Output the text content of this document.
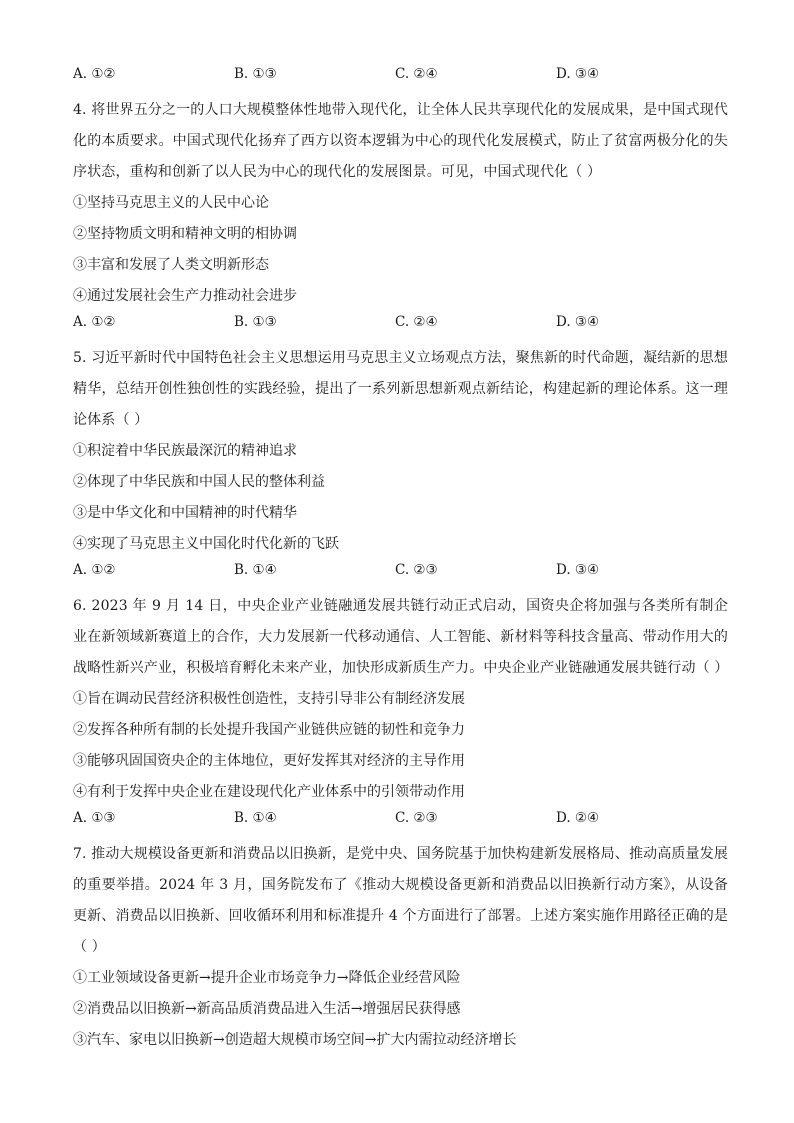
A. ①②	B. ①③	C. ②④	D. ③④

4. 将世界五分之一的人口大规模整体性地带入现代化，让全体人民共享现代化的发展成果，是中国式现代化的本质要求。中国式现代化扬弃了西方以资本逻辑为中心的现代化发展模式，防止了贫富两极分化的失序状态，重构和创新了以人民为中心的现代化的发展图景。可见，中国式现代化（ ）

①坚持马克思主义的人民中心论

②坚持物质文明和精神文明的相协调

③丰富和发展了人类文明新形态

④通过发展社会生产力推动社会进步

A. ①②	B. ①③	C. ②④	D. ③④

5. 习近平新时代中国特色社会主义思想运用马克思主义立场观点方法，聚焦新的时代命题，凝结新的思想精华，总结开创性独创性的实践经验，提出了一系列新思想新观点新结论，构建起新的理论体系。这一理论体系（ ）

①积淀着中华民族最深沉的精神追求

②体现了中华民族和中国人民的整体利益

③是中华文化和中国精神的时代精华

④实现了马克思主义中国化时代化新的飞跃

A. ①②	B. ①④	C. ②③	D. ③④

6. 2023 年 9 月 14 日，中央企业产业链融通发展共链行动正式启动，国资央企将加强与各类所有制企业在新领域新赛道上的合作，大力发展新一代移动通信、人工智能、新材料等科技含量高、带动作用大的战略性新兴产业，积极培育孵化未来产业，加快形成新质生产力。中央企业产业链融通发展共链行动（ ）

①旨在调动民营经济积极性创造性，支持引导非公有制经济发展

②发挥各种所有制的长处提升我国产业链供应链的韧性和竞争力

③能够巩固国资央企的主体地位，更好发挥其对经济的主导作用

④有利于发挥中央企业在建设现代化产业体系中的引领带动作用

A. ①③	B. ①④	C. ②③	D. ②④

7. 推动大规模设备更新和消费品以旧换新，是党中央、国务院基于加快构建新发展格局、推动高质量发展的重要举措。2024 年 3 月，国务院发布了《推动大规模设备更新和消费品以旧换新行动方案》，从设备更新、消费品以旧换新、回收循环利用和标准提升 4 个方面进行了部署。上述方案实施作用路径正确的是（ ）

①工业领域设备更新→提升企业市场竞争力→降低企业经营风险

②消费品以旧换新→新高品质消费品进入生活→增强居民获得感

③汽车、家电以旧换新→创造超大规模市场空间→扩大内需拉动经济增长
